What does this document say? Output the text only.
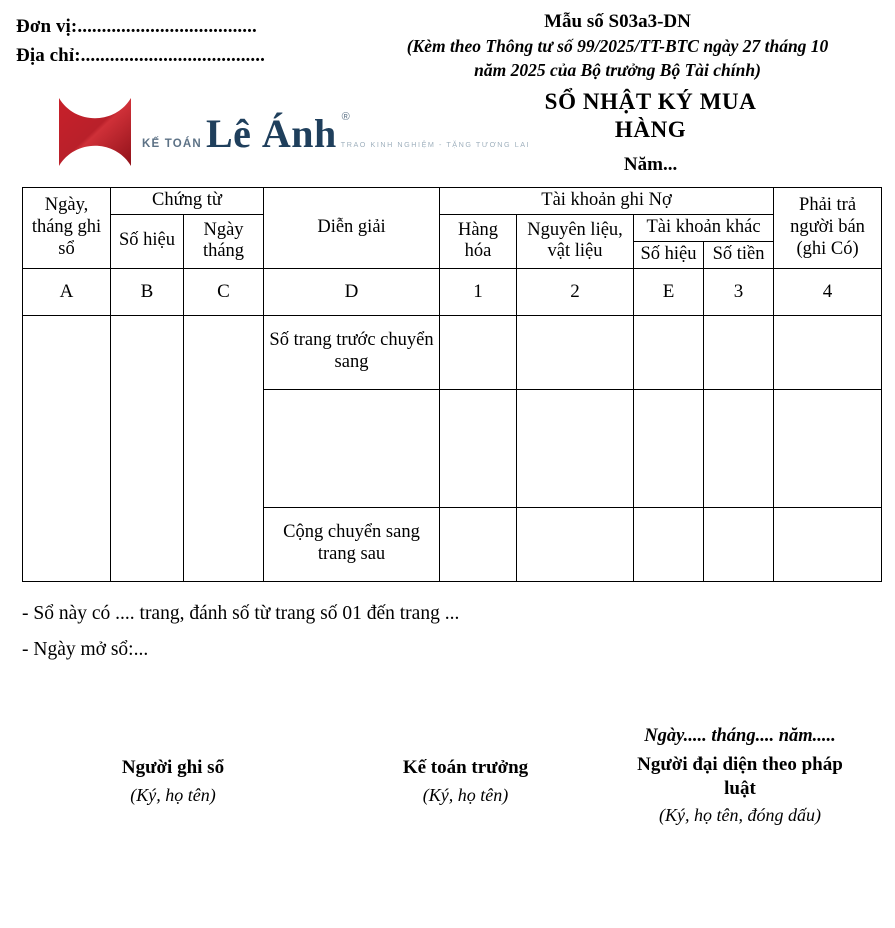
Đơn vị:.....................................
Địa chỉ:......................................
Mẫu số S03a3-DN
(Kèm theo Thông tư số 99/2025/TT-BTC ngày 27 tháng 10
năm 2025 của Bộ trưởng Bộ Tài chính)
KẾ TOÁN Lê Ánh ®
TRAO KINH NGHIỆM - TẶNG TƯƠNG LAI
SỔ NHẬT KÝ MUA HÀNG
Năm...
Ngày, tháng ghi sổ	Chứng từ		Diễn giải	Tài khoản ghi Nợ				Phải trả người bán (ghi Có)
	Số hiệu	Ngày tháng		Hàng hóa	Nguyên liệu, vật liệu	Tài khoản khác		
						Số hiệu	Số tiền	
A	B	C	D	1	2	E	3	4
			Số trang trước chuyển sang					

			Cộng chuyển sang trang sau					
- Sổ này có .... trang, đánh số từ trang số 01 đến trang ...
- Ngày mở sổ:...
Người ghi sổ
(Ký, họ tên)
Kế toán trưởng
(Ký, họ tên)
Ngày..... tháng.... năm.....
Người đại diện theo pháp luật
(Ký, họ tên, đóng dấu)
